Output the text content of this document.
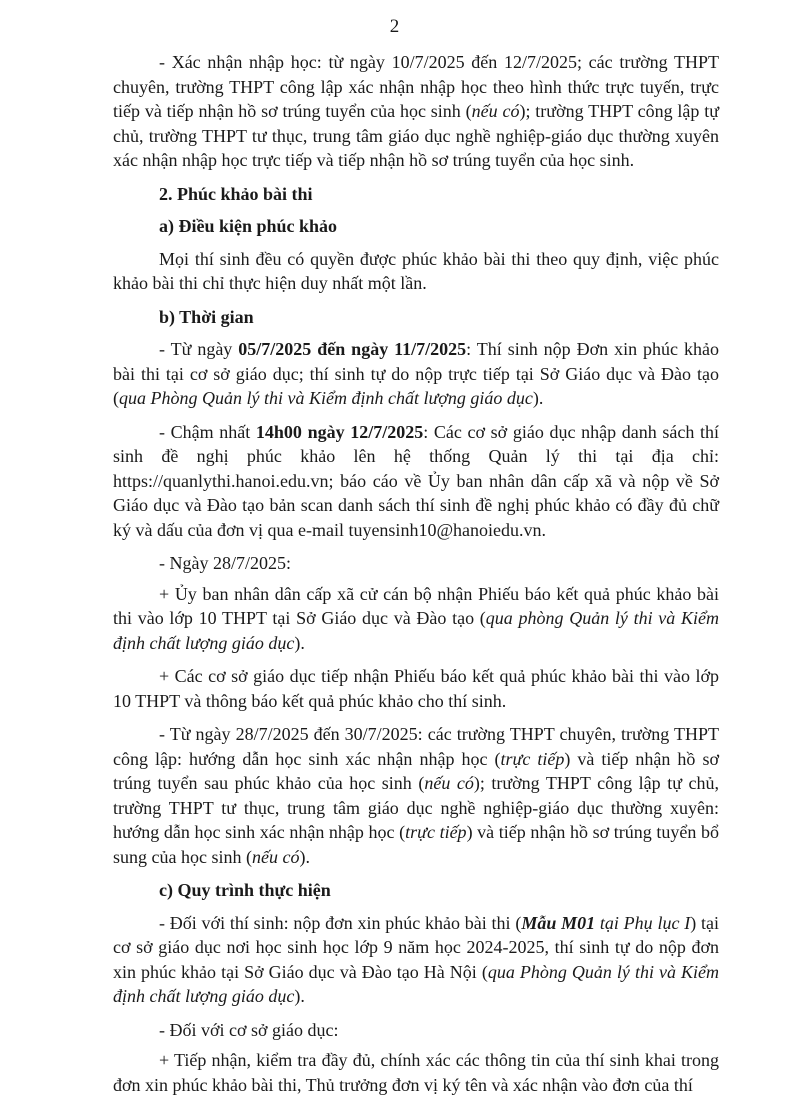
2

- Xác nhận nhập học: từ ngày 10/7/2025 đến 12/7/2025; các trường THPT chuyên, trường THPT công lập xác nhận nhập học theo hình thức trực tuyến, trực tiếp và tiếp nhận hồ sơ trúng tuyển của học sinh (nếu có); trường THPT công lập tự chủ, trường THPT tư thục, trung tâm giáo dục nghề nghiệp-giáo dục thường xuyên xác nhận nhập học trực tiếp và tiếp nhận hồ sơ trúng tuyển của học sinh.

2. Phúc khảo bài thi

a) Điều kiện phúc khảo

Mọi thí sinh đều có quyền được phúc khảo bài thi theo quy định, việc phúc khảo bài thi chỉ thực hiện duy nhất một lần.

b) Thời gian

- Từ ngày 05/7/2025 đến ngày 11/7/2025: Thí sinh nộp Đơn xin phúc khảo bài thi tại cơ sở giáo dục; thí sinh tự do nộp trực tiếp tại Sở Giáo dục và Đào tạo (qua Phòng Quản lý thi và Kiểm định chất lượng giáo dục).

- Chậm nhất 14h00 ngày 12/7/2025: Các cơ sở giáo dục nhập danh sách thí sinh đề nghị phúc khảo lên hệ thống Quản lý thi tại địa chỉ: https://quanlythi.hanoi.edu.vn; báo cáo về Ủy ban nhân dân cấp xã và nộp về Sở Giáo dục và Đào tạo bản scan danh sách thí sinh đề nghị phúc khảo có đầy đủ chữ ký và dấu của đơn vị qua e-mail tuyensinh10@hanoiedu.vn.

- Ngày 28/7/2025:

+ Ủy ban nhân dân cấp xã cử cán bộ nhận Phiếu báo kết quả phúc khảo bài thi vào lớp 10 THPT tại Sở Giáo dục và Đào tạo (qua phòng Quản lý thi và Kiểm định chất lượng giáo dục).

+ Các cơ sở giáo dục tiếp nhận Phiếu báo kết quả phúc khảo bài thi vào lớp 10 THPT và thông báo kết quả phúc khảo cho thí sinh.

- Từ ngày 28/7/2025 đến 30/7/2025: các trường THPT chuyên, trường THPT công lập: hướng dẫn học sinh xác nhận nhập học (trực tiếp) và tiếp nhận hồ sơ trúng tuyển sau phúc khảo của học sinh (nếu có); trường THPT công lập tự chủ, trường THPT tư thục, trung tâm giáo dục nghề nghiệp-giáo dục thường xuyên: hướng dẫn học sinh xác nhận nhập học (trực tiếp) và tiếp nhận hồ sơ trúng tuyển bổ sung của học sinh (nếu có).

c) Quy trình thực hiện

- Đối với thí sinh: nộp đơn xin phúc khảo bài thi (Mẫu M01 tại Phụ lục I) tại cơ sở giáo dục nơi học sinh học lớp 9 năm học 2024-2025, thí sinh tự do nộp đơn xin phúc khảo tại Sở Giáo dục và Đào tạo Hà Nội (qua Phòng Quản lý thi và Kiểm định chất lượng giáo dục).

- Đối với cơ sở giáo dục:

+ Tiếp nhận, kiểm tra đầy đủ, chính xác các thông tin của thí sinh khai trong đơn xin phúc khảo bài thi, Thủ trưởng đơn vị ký tên và xác nhận vào đơn của thí
